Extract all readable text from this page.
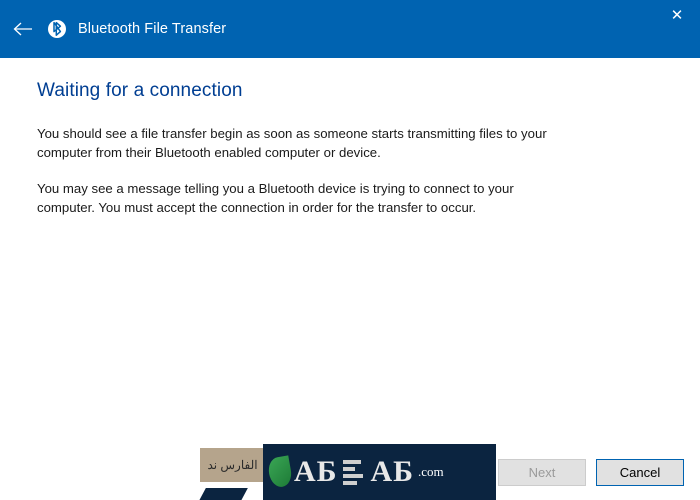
Bluetooth File Transfer
✕
Waiting for a connection

You should see a file transfer begin as soon as someone starts transmitting files to your computer from their Bluetooth enabled computer or device.

You may see a message telling you a Bluetooth device is trying to connect to your computer. You must accept the connection in order for the transfer to occur.

الفارس ند AБ AБ .com	Next	Cancel
